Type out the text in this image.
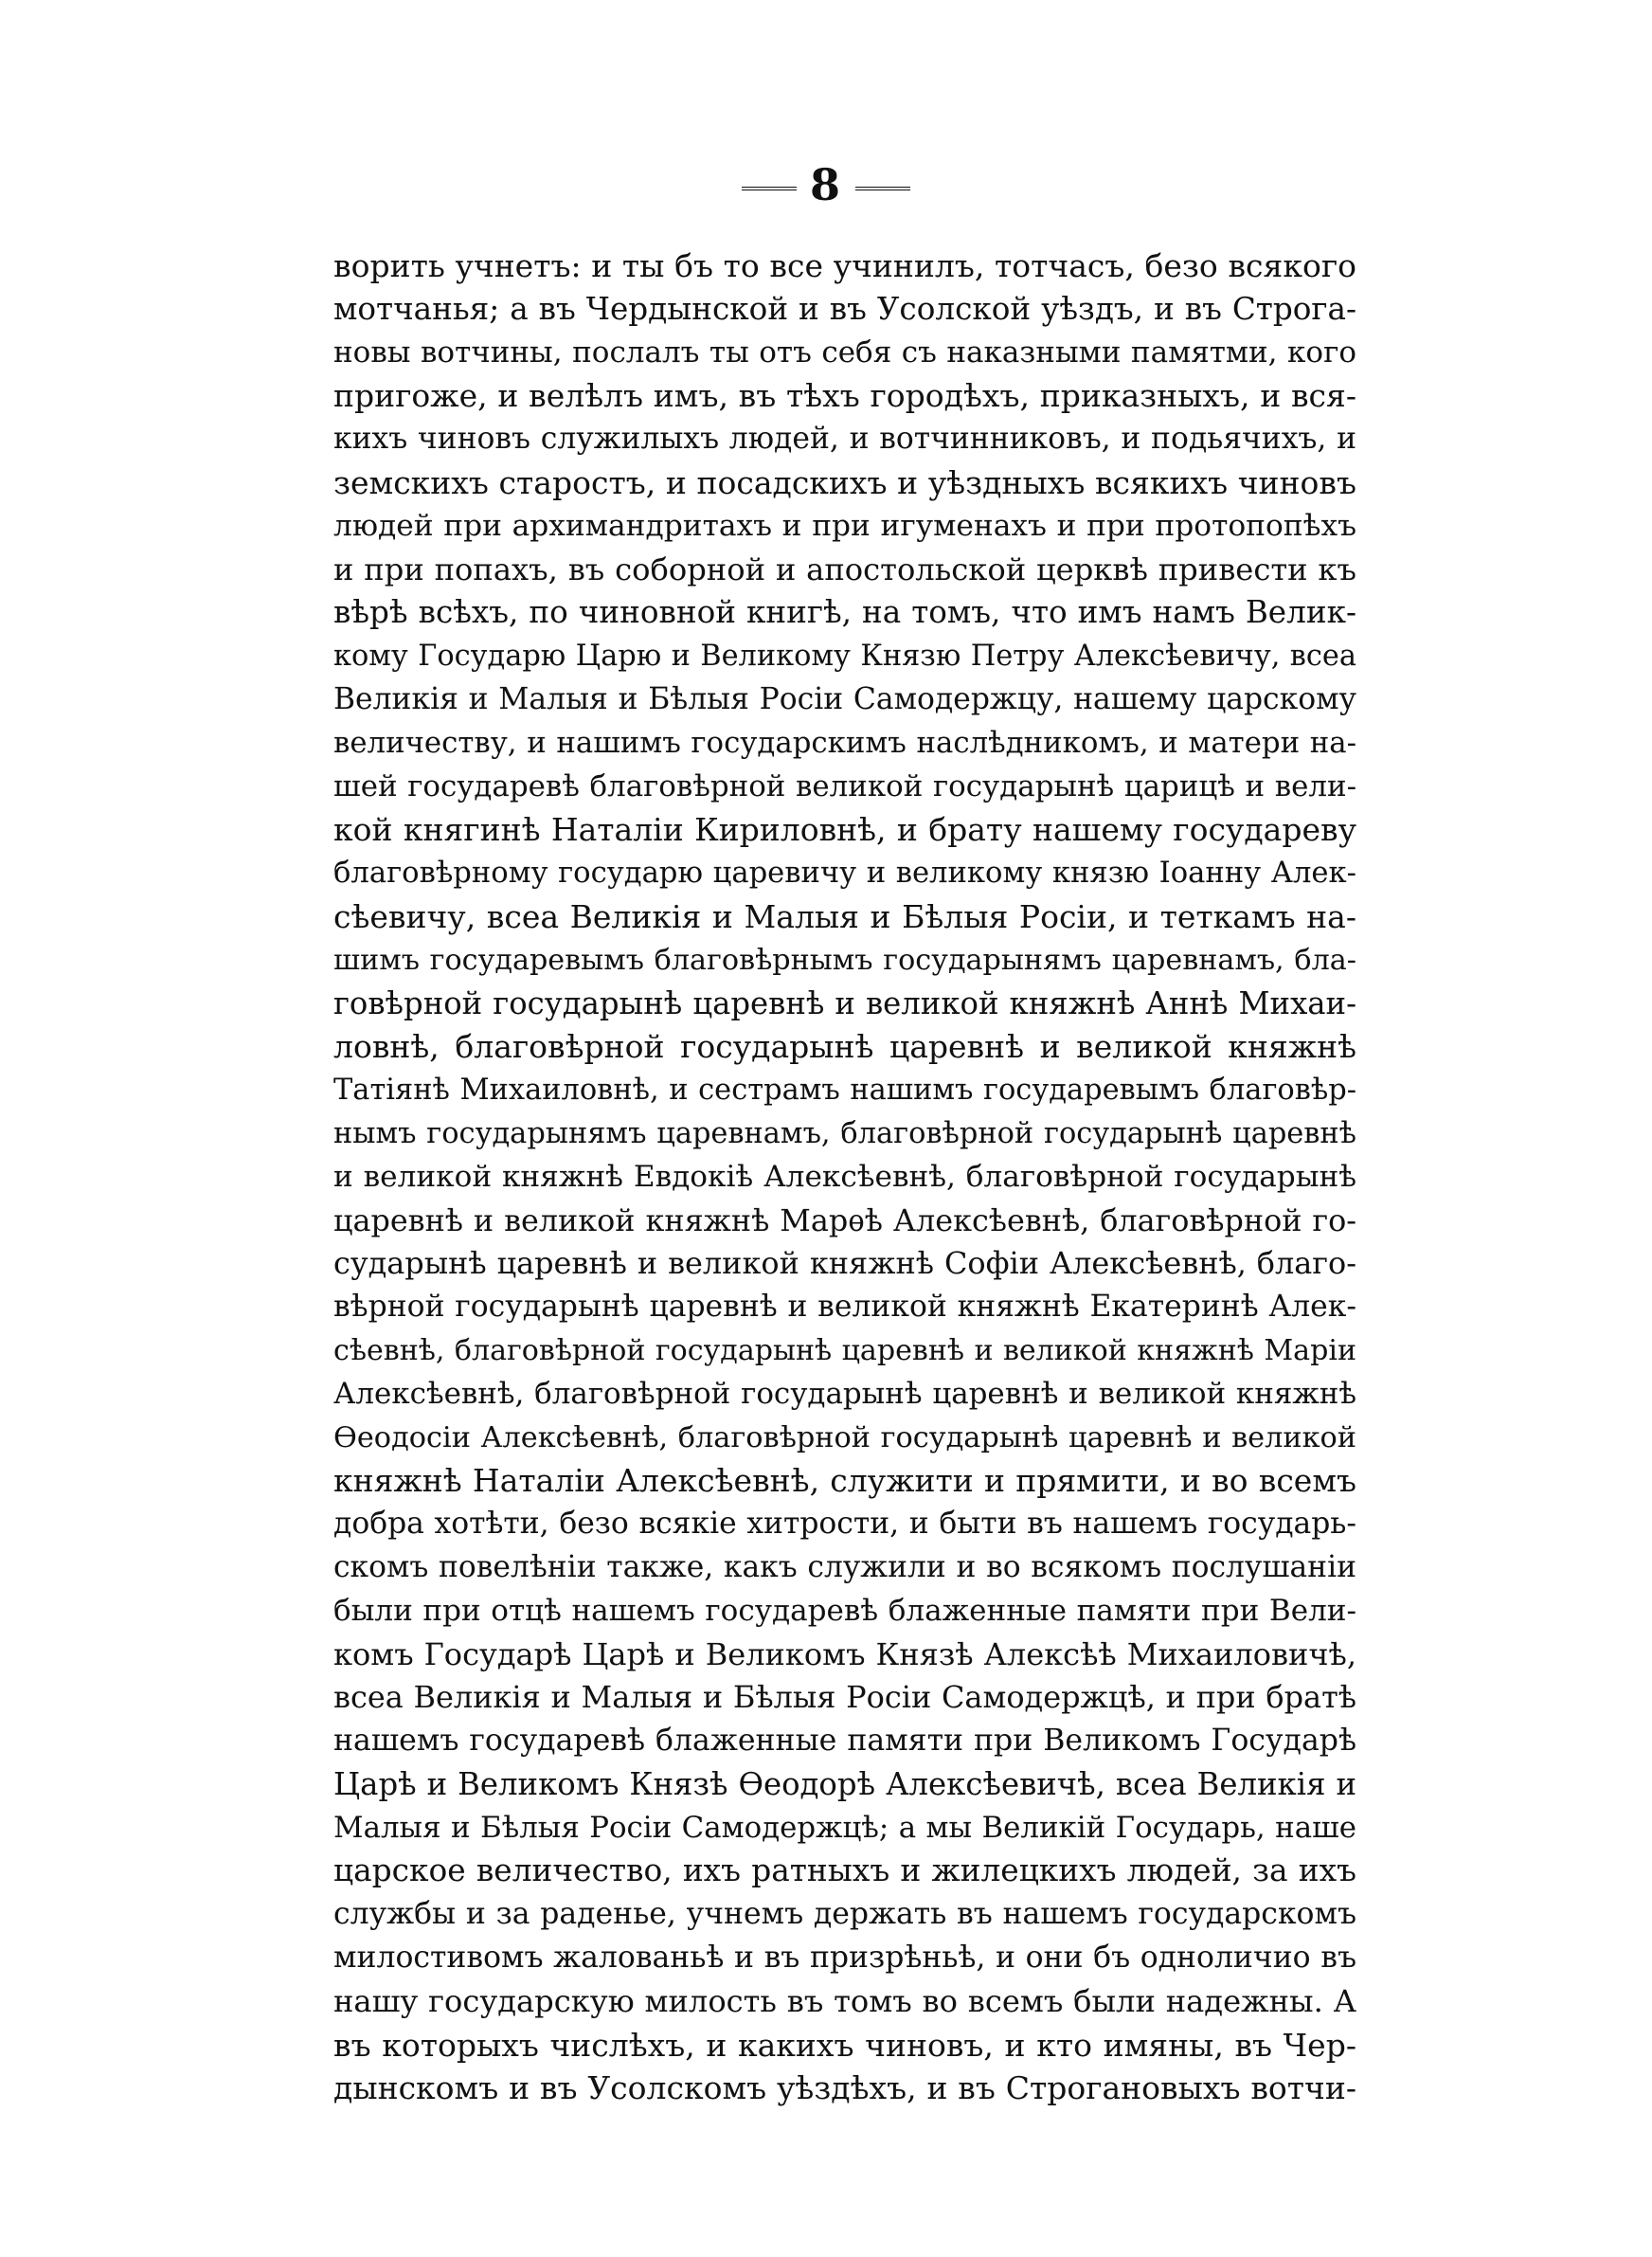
8
ворить учнетъ: и ты бъ то все учинилъ, тотчасъ, безо всякого
мотчанья; а въ Чердынской и въ Усолской уѣздъ, и въ Строга-
новы вотчины, послалъ ты отъ себя съ наказными памятми, кого
пригоже, и велѣлъ имъ, въ тѣхъ городѣхъ, приказныхъ, и вся-
кихъ чиновъ служилыхъ людей, и вотчинниковъ, и подьячихъ, и
земскихъ старостъ, и посадскихъ и уѣздныхъ всякихъ чиновъ
людей при архимандритахъ и при игуменахъ и при протопопѣхъ
и при попахъ, въ соборной и апостольской церквѣ привести къ
вѣрѣ всѣхъ, по чиновной книгѣ, на томъ, что имъ намъ Велик-
кому Государю Царю и Великому Князю Петру Алексѣевичу, всеа
Великія и Малыя и Бѣлыя Росіи Самодержцу, нашему царскому
величеству, и нашимъ государскимъ наслѣдникомъ, и матери на-
шей государевѣ благовѣрной великой государынѣ царицѣ и вели-
кой княгинѣ Наталіи Кириловнѣ, и брату нашему государеву
благовѣрному государю царевичу и великому князю Іоанну Алек-
сѣевичу, всеа Великія и Малыя и Бѣлыя Росіи, и теткамъ на-
шимъ государевымъ благовѣрнымъ государынямъ царевнамъ, бла-
говѣрной государынѣ царевнѣ и великой княжнѣ Аннѣ Михаи-
ловнѣ, благовѣрной государынѣ царевнѣ и великой княжнѣ
Татіянѣ Михаиловнѣ, и сестрамъ нашимъ государевымъ благовѣр-
нымъ государынямъ царевнамъ, благовѣрной государынѣ царевнѣ
и великой княжнѣ Евдокіѣ Алексѣевнѣ, благовѣрной государынѣ
царевнѣ и великой княжнѣ Марѳѣ Алексѣевнѣ, благовѣрной го-
сударынѣ царевнѣ и великой княжнѣ Софіи Алексѣевнѣ, благо-
вѣрной государынѣ царевнѣ и великой княжнѣ Екатеринѣ Алек-
сѣевнѣ, благовѣрной государынѣ царевнѣ и великой княжнѣ Маріи
Алексѣевнѣ, благовѣрной государынѣ царевнѣ и великой княжнѣ
Ѳеодосіи Алексѣевнѣ, благовѣрной государынѣ царевнѣ и великой
княжнѣ Наталіи Алексѣевнѣ, служити и прямити, и во всемъ
добра хотѣти, безо всякіе хитрости, и быти въ нашемъ государь-
скомъ повелѣніи также, какъ служили и во всякомъ послушаніи
были при отцѣ нашемъ государевѣ блаженные памяти при Вели-
комъ Государѣ Царѣ и Великомъ Князѣ Алексѣѣ Михаиловичѣ,
всеа Великія и Малыя и Бѣлыя Росіи Самодержцѣ, и при братѣ
нашемъ государевѣ блаженные памяти при Великомъ Государѣ
Царѣ и Великомъ Князѣ Ѳеодорѣ Алексѣевичѣ, всеа Великія и
Малыя и Бѣлыя Росіи Самодержцѣ; а мы Великій Государь, наше
царское величество, ихъ ратныхъ и жилецкихъ людей, за ихъ
службы и за раденье, учнемъ держать въ нашемъ государскомъ
милостивомъ жалованьѣ и въ призрѣньѣ, и они бъ одноличио въ
нашу государскую милость въ томъ во всемъ были надежны. А
въ которыхъ числѣхъ, и какихъ чиновъ, и кто имяны, въ Чер-
дынскомъ и въ Усолскомъ уѣздѣхъ, и въ Строгановыхъ вотчи-
